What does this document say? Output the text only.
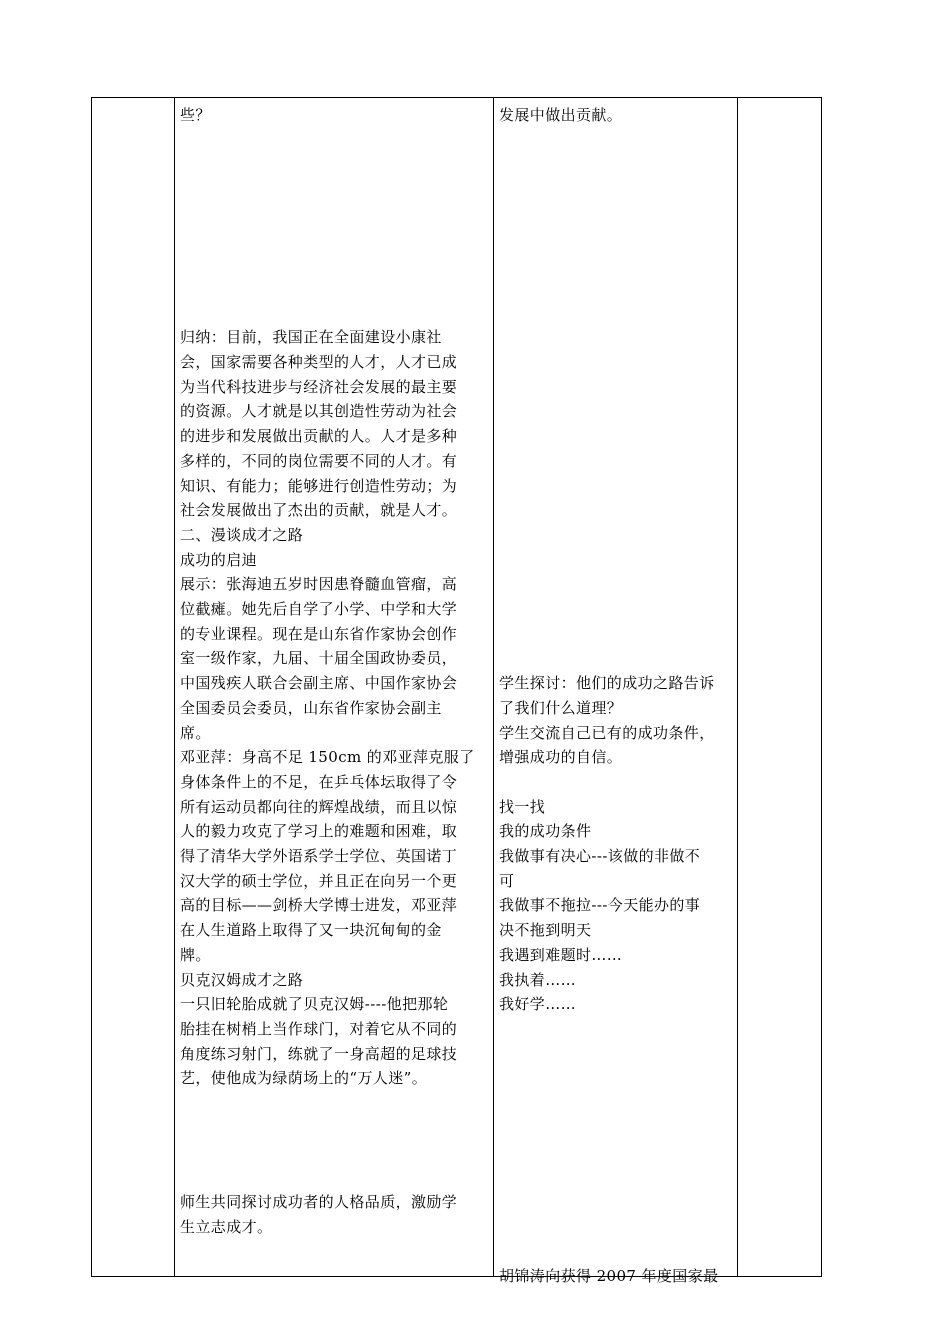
些？
归纳：目前，我国正在全面建设小康社
会，国家需要各种类型的人才，人才已成
为当代科技进步与经济社会发展的最主要
的资源。人才就是以其创造性劳动为社会
的进步和发展做出贡献的人。人才是多种
多样的，不同的岗位需要不同的人才。有
知识、有能力；能够进行创造性劳动；为
社会发展做出了杰出的贡献，就是人才。
二、漫谈成才之路
成功的启迪
展示：张海迪五岁时因患脊髓血管瘤，高
位截瘫。她先后自学了小学、中学和大学
的专业课程。现在是山东省作家协会创作
室一级作家，九届、十届全国政协委员，
中国残疾人联合会副主席、中国作家协会
全国委员会委员，山东省作家协会副主
席。
邓亚萍：身高不足 150cm 的邓亚萍克服了
身体条件上的不足，在乒乓体坛取得了令
所有运动员都向往的辉煌战绩，而且以惊
人的毅力攻克了学习上的难题和困难，取
得了清华大学外语系学士学位、英国诺丁
汉大学的硕士学位，并且正在向另一个更
高的目标——剑桥大学博士进发，邓亚萍
在人生道路上取得了又一块沉甸甸的金
牌。
贝克汉姆成才之路
一只旧轮胎成就了贝克汉姆----他把那轮
胎挂在树梢上当作球门，对着它从不同的
角度练习射门，练就了一身高超的足球技
艺，使他成为绿荫场上的“万人迷”。
师生共同探讨成功者的人格品质，激励学
生立志成才。
发展中做出贡献。
学生探讨：他们的成功之路告诉
了我们什么道理？
学生交流自己已有的成功条件，
增强成功的自信。
找一找
我的成功条件
我做事有决心---该做的非做不
可
我做事不拖拉---今天能办的事
决不拖到明天
我遇到难题时……
我执着……
我好学……
胡锦涛向获得 2007 年度国家最
